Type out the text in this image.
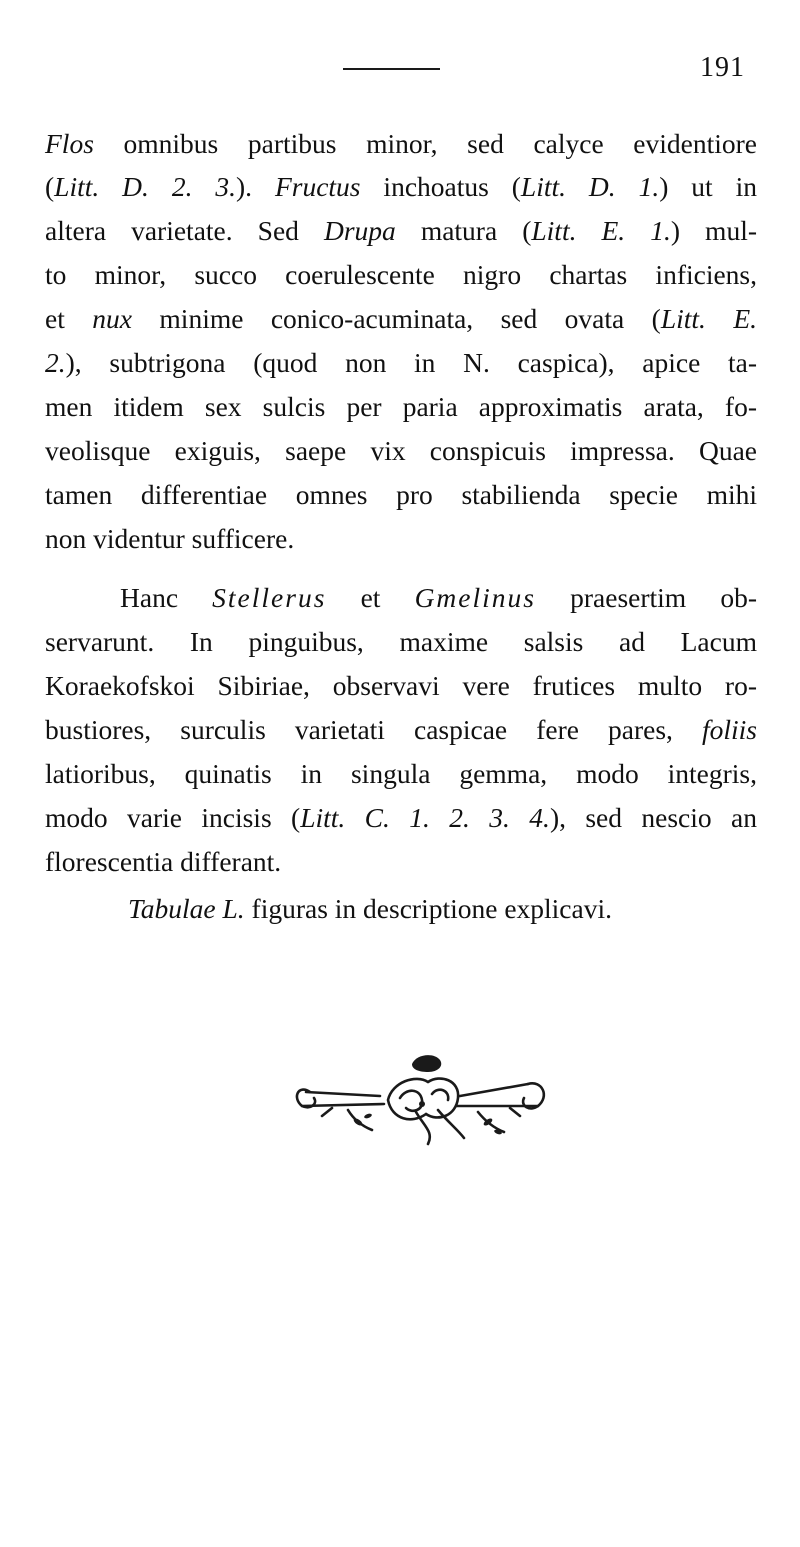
191
Flos omnibus partibus minor, sed calyce evidentiore
(Litt. D. 2. 3.). Fructus inchoatus (Litt. D. 1.) ut in
altera varietate. Sed Drupa matura (Litt. E. 1.) mul-
to minor, succo coerulescente nigro chartas inficiens,
et nux minime conico-acuminata, sed ovata (Litt. E.
2.), subtrigona (quod non in N. caspica), apice ta-
men itidem sex sulcis per paria approximatis arata, fo-
veolisque exiguis, saepe vix conspicuis impressa. Quae
tamen differentiae omnes pro stabilienda specie mihi
non videntur sufficere.
Hanc Stellerus et Gmelinus praesertim ob-
servarunt. In pinguibus, maxime salsis ad Lacum
Koraekofskoi Sibiriae, observavi vere frutices multo ro-
bustiores, surculis varietati caspicae fere pares, foliis
latioribus, quinatis in singula gemma, modo integris,
modo varie incisis (Litt. C. 1. 2. 3. 4.), sed nescio an
florescentia differant.
Tabulae L. figuras in descriptione explicavi.
